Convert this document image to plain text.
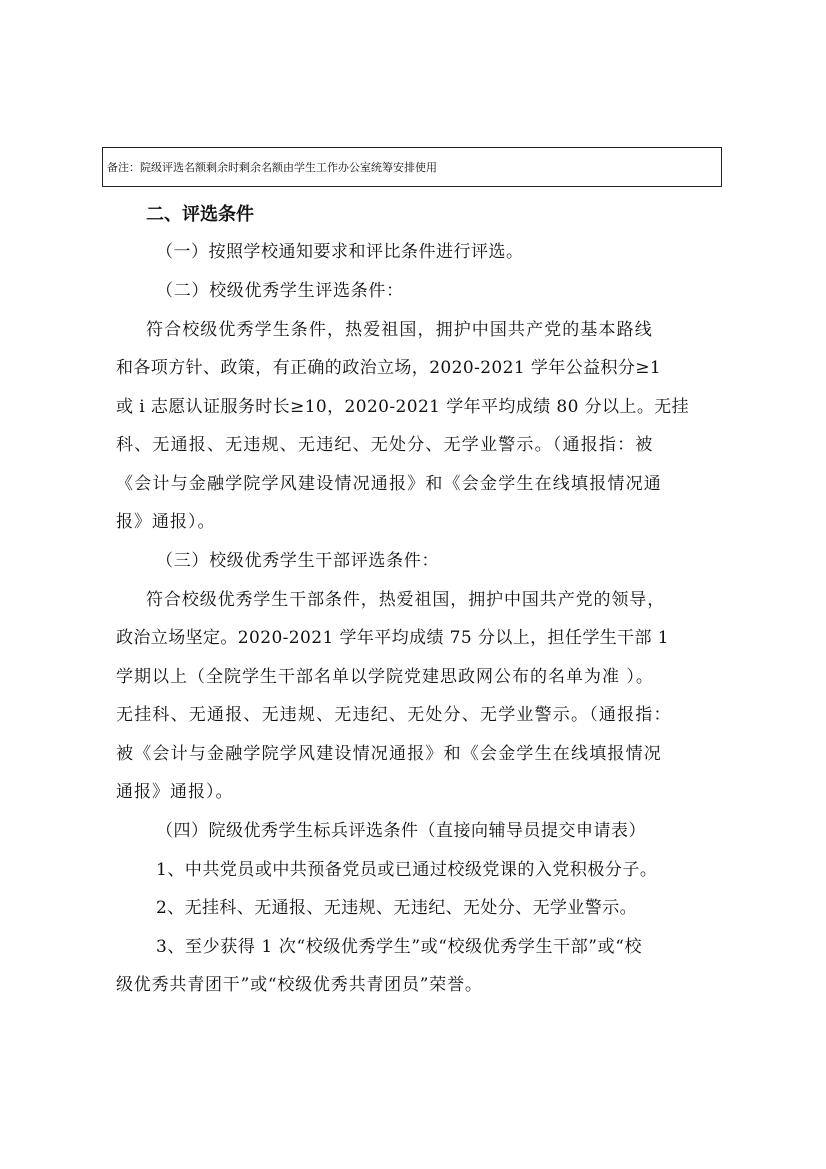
备注：院级评选名额剩余时剩余名额由学生工作办公室统筹安排使用
二、评选条件
（一）按照学校通知要求和评比条件进行评选。
（二）校级优秀学生评选条件：
符合校级优秀学生条件，热爱祖国，拥护中国共产党的基本路线
和各项方针、政策，有正确的政治立场，2020-2021 学年公益积分≥1
或 i 志愿认证服务时长≥10，2020-2021 学年平均成绩 80 分以上。无挂
科、无通报、无违规、无违纪、无处分、无学业警示。（通报指：被
《会计与金融学院学风建设情况通报》和《会金学生在线填报情况通
报》通报）。
（三）校级优秀学生干部评选条件：
符合校级优秀学生干部条件，热爱祖国，拥护中国共产党的领导，
政治立场坚定。2020-2021 学年平均成绩 75 分以上，担任学生干部 1
学期以上（全院学生干部名单以学院党建思政网公布的名单为准 ）。
无挂科、无通报、无违规、无违纪、无处分、无学业警示。（通报指：
被《会计与金融学院学风建设情况通报》和《会金学生在线填报情况
通报》通报）。
（四）院级优秀学生标兵评选条件（直接向辅导员提交申请表）
1、中共党员或中共预备党员或已通过校级党课的入党积极分子。
2、无挂科、无通报、无违规、无违纪、无处分、无学业警示。
3、至少获得 1 次“校级优秀学生”或“校级优秀学生干部”或“校
级优秀共青团干”或“校级优秀共青团员”荣誉。
